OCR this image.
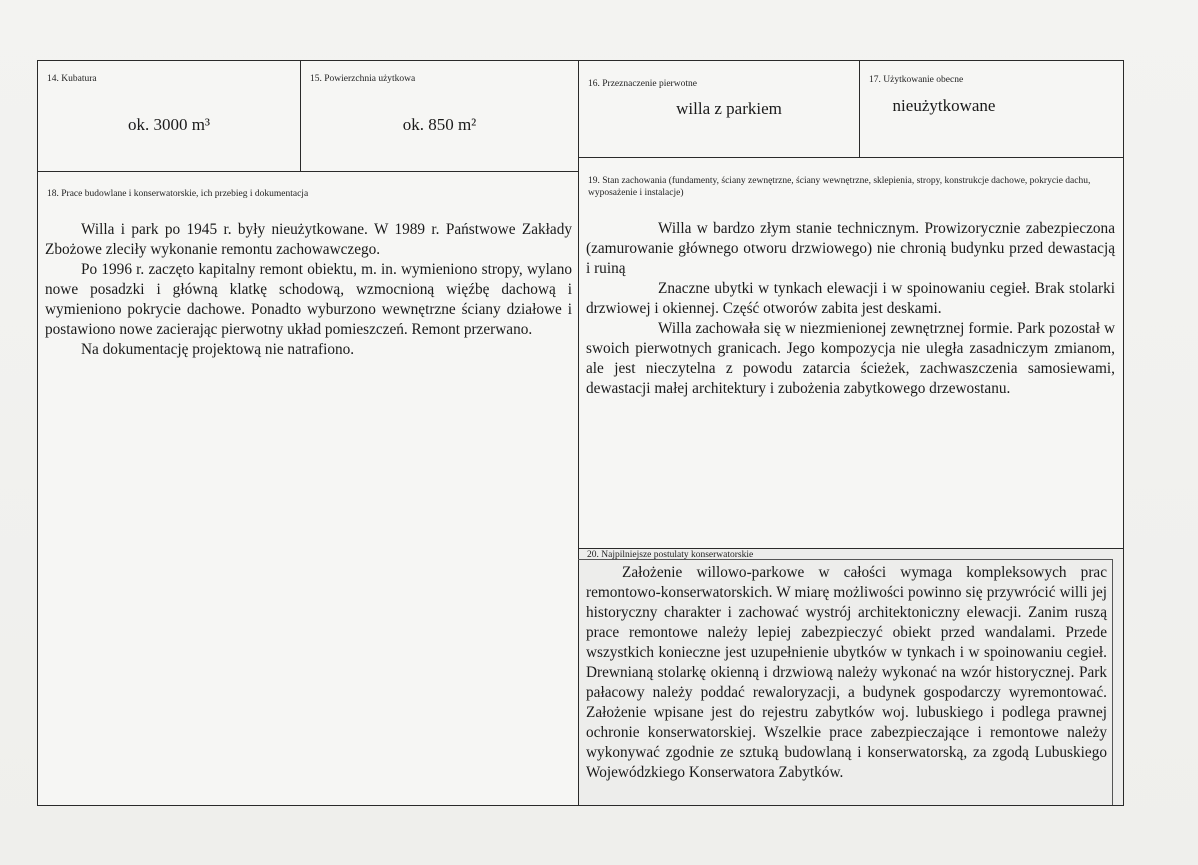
14. Kubatura
ok. 3000 m³
15. Powierzchnia użytkowa
ok. 850 m²
16. Przeznaczenie pierwotne
willa z parkiem
17. Użytkowanie obecne
nieużytkowane
18. Prace budowlane i konserwatorskie, ich przebieg i dokumentacja

Willa i park po 1945 r. były nieużytkowane. W 1989 r. Państwowe Zakłady Zbożowe zleciły wykonanie remontu zachowawczego.

Po 1996 r. zaczęto kapitalny remont obiektu, m. in. wymieniono stropy, wylano nowe posadzki i główną klatkę schodową, wzmocnioną więźbę dachową i wymieniono pokrycie dachowe. Ponadto wyburzono wewnętrzne ściany działowe i postawiono nowe zacierając pierwotny układ pomieszczeń. Remont przerwano.

Na dokumentację projektową nie natrafiono.

19. Stan zachowania (fundamenty, ściany zewnętrzne, ściany wewnętrzne, sklepienia, stropy, konstrukcje dachowe, pokrycie dachu, wyposażenie i instalacje)

Willa w bardzo złym stanie technicznym. Prowizorycznie zabezpieczona (zamurowanie głównego otworu drzwiowego) nie chronią budynku przed dewastacją i ruiną

Znaczne ubytki w tynkach elewacji i w spoinowaniu cegieł. Brak stolarki drzwiowej i okiennej. Część otworów zabita jest deskami.

Willa zachowała się w niezmienionej zewnętrznej formie. Park pozostał w swoich pierwotnych granicach. Jego kompozycja nie uległa zasadniczym zmianom, ale jest nieczytelna z powodu zatarcia ścieżek, zachwaszczenia samosiewami, dewastacji małej architektury i zubożenia zabytkowego drzewostanu.

20. Najpilniejsze postulaty konserwatorskie

Założenie willowo-parkowe w całości wymaga kompleksowych prac remontowo-konserwatorskich. W miarę możliwości powinno się przywrócić willi jej historyczny charakter i zachować wystrój architektoniczny elewacji. Zanim ruszą prace remontowe należy lepiej zabezpieczyć obiekt przed wandalami. Przede wszystkich konieczne jest uzupełnienie ubytków w tynkach i w spoinowaniu cegieł. Drewnianą stolarkę okienną i drzwiową należy wykonać na wzór historycznej. Park pałacowy należy poddać rewaloryzacji, a budynek gospodarczy wyremontować. Założenie wpisane jest do rejestru zabytków woj. lubuskiego i podlega prawnej ochronie konserwatorskiej. Wszelkie prace zabezpieczające i remontowe należy wykonywać zgodnie ze sztuką budowlaną i konserwatorską, za zgodą Lubuskiego Wojewódzkiego Konserwatora Zabytków.
